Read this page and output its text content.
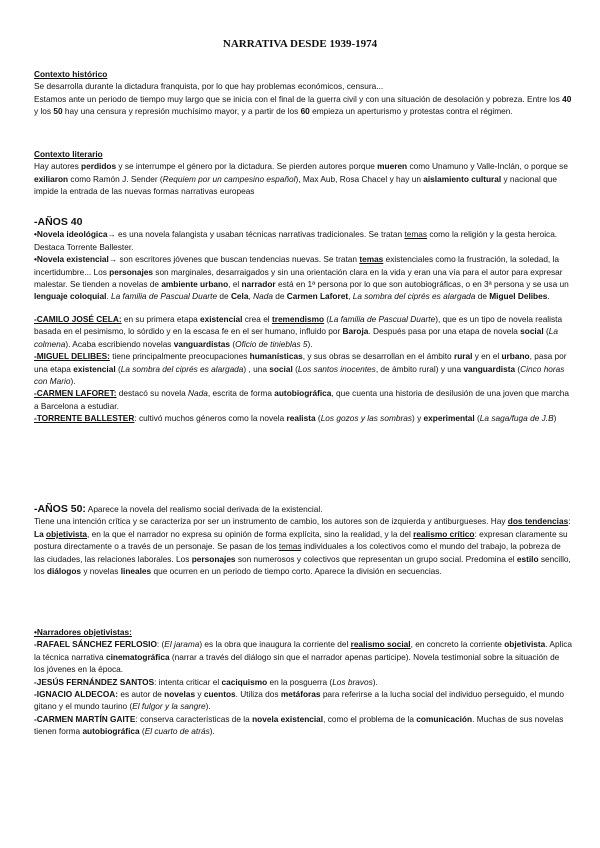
NARRATIVA DESDE 1939-1974

Contexto histórico

Se desarrolla durante la dictadura franquista, por lo que hay problemas económicos, censura...

Estamos ante un periodo de tiempo muy largo que se inicia con el final de la guerra civil y con una situación de desolación y pobreza. Entre los 40 y los 50 hay una censura y represión muchísimo mayor, y a partir de los 60 empieza un aperturismo y protestas contra el régimen.

Contexto literario

Hay autores perdidos y se interrumpe el género por la dictadura. Se pierden autores porque mueren como Unamuno y Valle-Inclán, o porque se exiliaron como Ramón J. Sender (Requiem por un campesino español), Max Aub, Rosa Chacel y hay un aislamiento cultural y nacional que impide la entrada de las nuevas formas narrativas europeas

-AÑOS 40

•Novela ideológica→ es una novela falangista y usaban técnicas narrativas tradicionales. Se tratan temas como la religión y la gesta heroica. Destaca Torrente Ballester.

•Novela existencial→ son escritores jóvenes que buscan tendencias nuevas. Se tratan temas existenciales como la frustración, la soledad, la incertidumbre... Los personajes son marginales, desarraigados y sin una orientación clara en la vida y eran una vía para el autor para expresar malestar. Se tienden a novelas de ambiente urbano, el narrador está en 1ª persona por lo que son autobiográficas, o en 3ª persona y se usa un lenguaje coloquial. La familia de Pascual Duarte de Cela, Nada de Carmen Laforet, La sombra del ciprés es alargada de Miguel Delibes.

-CAMILO JOSÉ CELA: en su primera etapa existencial crea el tremendismo (La familia de Pascual Duarte), que es un tipo de novela realista basada en el pesimismo, lo sórdido y en la escasa fe en el ser humano, influido por Baroja. Después pasa por una etapa de novela social (La colmena). Acaba escribiendo novelas vanguardistas (Oficio de tinieblas 5).

-MIGUEL DELIBES: tiene principalmente preocupaciones humanísticas, y sus obras se desarrollan en el ámbito rural y en el urbano, pasa por una etapa existencial (La sombra del ciprés es alargada) , una social (Los santos inocentes, de ámbito rural) y una vanguardista (Cinco horas con Mario).

-CARMEN LAFORET: destacó su novela Nada, escrita de forma autobiográfica, que cuenta una historia de desilusión de una joven que marcha a Barcelona a estudiar.

-TORRENTE BALLESTER: cultivó muchos géneros como la novela realista (Los gozos y las sombras) y experimental (La saga/fuga de J.B)

-AÑOS 50: Aparece la novela del realismo social derivada de la existencial.

Tiene una intención crítica y se caracteriza por ser un instrumento de cambio, los autores son de izquierda y antiburgueses. Hay dos tendencias: La objetivista, en la que el narrador no expresa su opinión de forma explícita, sino la realidad, y la del realismo crítico: expresan claramente su postura directamente o a través de un personaje. Se pasan de los temas individuales a los colectivos como el mundo del trabajo, la pobreza de las ciudades, las relaciones laborales. Los personajes son numerosos y colectivos que representan un grupo social. Predomina el estilo sencillo, los diálogos y novelas lineales que ocurren en un periodo de tiempo corto. Aparece la división en secuencias.

•Narradores objetivistas:

-RAFAEL SÁNCHEZ FERLOSIO: (El jarama) es la obra que inaugura la corriente del realismo social, en concreto la corriente objetivista. Aplica la técnica narrativa cinematográfica (narrar a través del diálogo sin que el narrador apenas participe). Novela testimonial sobre la situación de los jóvenes en la época.

-JESÚS FERNÁNDEZ SANTOS: intenta criticar el caciquismo en la posguerra (Los bravos).

-IGNACIO ALDECOA: es autor de novelas y cuentos. Utiliza dos metáforas para referirse a la lucha social del individuo perseguido, el mundo gitano y el mundo taurino (El fulgor y la sangre).

-CARMEN MARTÍN GAITE: conserva características de la novela existencial, como el problema de la comunicación. Muchas de sus novelas tienen forma autobiográfica (El cuarto de atrás).
